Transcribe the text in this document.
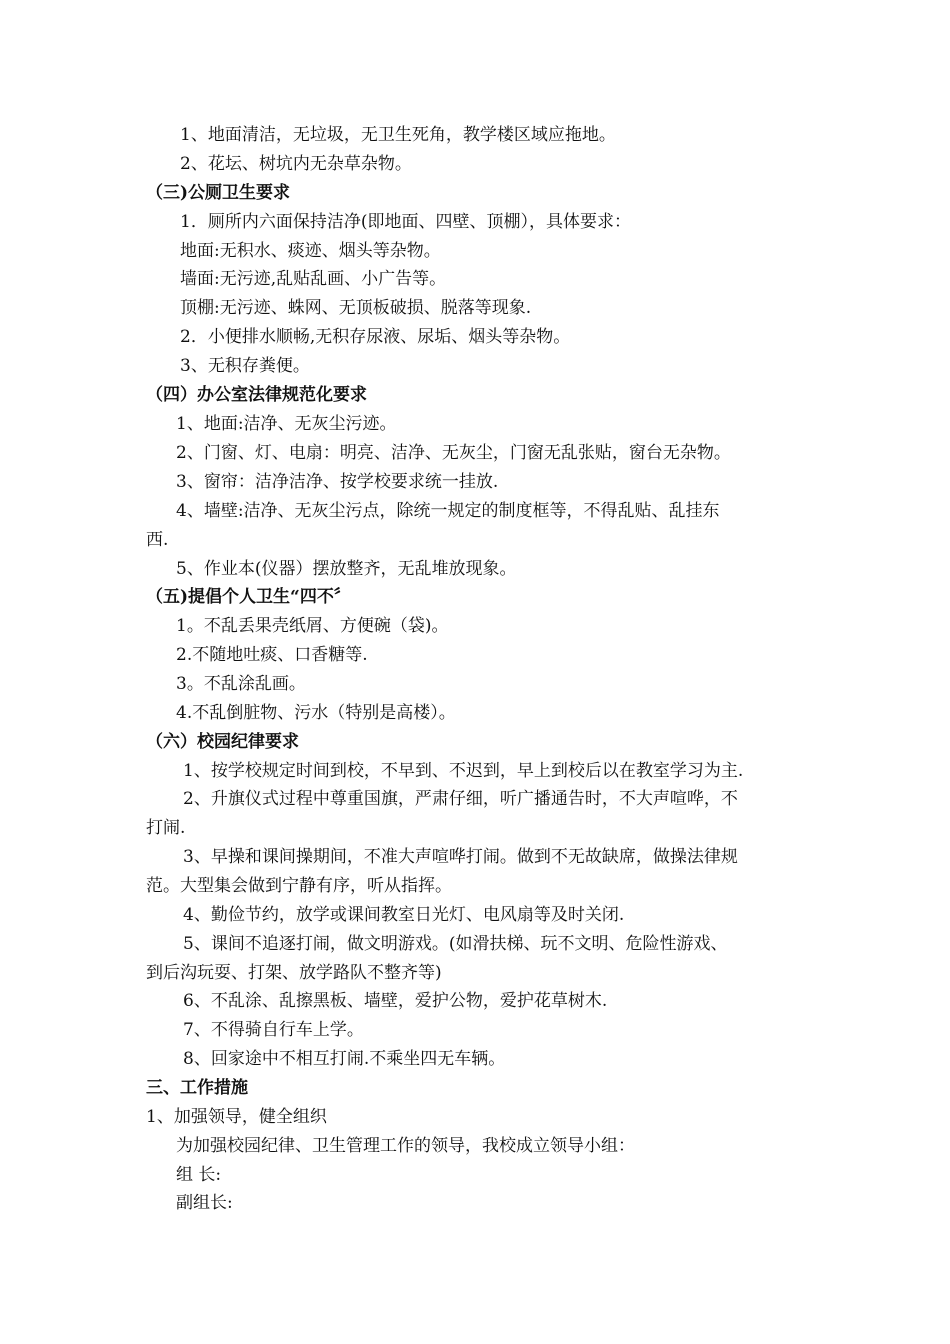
1、地面清洁，无垃圾，无卫生死角，教学楼区域应拖地。
2、花坛、树坑内无杂草杂物。
（三)公厕卫生要求
1．厕所内六面保持洁净(即地面、四壁、顶棚），具体要求：
地面:无积水、痰迹、烟头等杂物。
墙面:无污迹,乱贴乱画、小广告等。
顶棚:无污迹、蛛网、无顶板破损、脱落等现象.
2．小便排水顺畅,无积存尿液、尿垢、烟头等杂物。
3、无积存粪便。
（四）办公室法律规范化要求
1、地面:洁净、无灰尘污迹。
2、门窗、灯、电扇：明亮、洁净、无灰尘，门窗无乱张贴，窗台无杂物。
3、窗帘：洁净洁净、按学校要求统一挂放.
4、墙壁:洁净、无灰尘污点，除统一规定的制度框等，不得乱贴、乱挂东
西.
5、作业本(仪器）摆放整齐，无乱堆放现象。
（五)提倡个人卫生“四不〞
1。不乱丢果壳纸屑、方便碗（袋)。
2.不随地吐痰、口香糖等.
3。不乱涂乱画。
4.不乱倒脏物、污水（特别是高楼）。
（六）校园纪律要求
1、按学校规定时间到校，不早到、不迟到，早上到校后以在教室学习为主.
2、升旗仪式过程中尊重国旗，严肃仔细，听广播通告时，不大声喧哗，不
打闹.
3、早操和课间操期间，不准大声喧哗打闹。做到不无故缺席，做操法律规
范。大型集会做到宁静有序，听从指挥。
4、勤俭节约，放学或课间教室日光灯、电风扇等及时关闭.
5、课间不追逐打闹，做文明游戏。(如滑扶梯、玩不文明、危险性游戏、
到后沟玩耍、打架、放学路队不整齐等)
6、不乱涂、乱擦黑板、墙壁，爱护公物，爱护花草树木.
7、不得骑自行车上学。
8、回家途中不相互打闹.不乘坐四无车辆。
三、工作措施
1、加强领导，健全组织
为加强校园纪律、卫生管理工作的领导，我校成立领导小组：
组 长:
副组长:
